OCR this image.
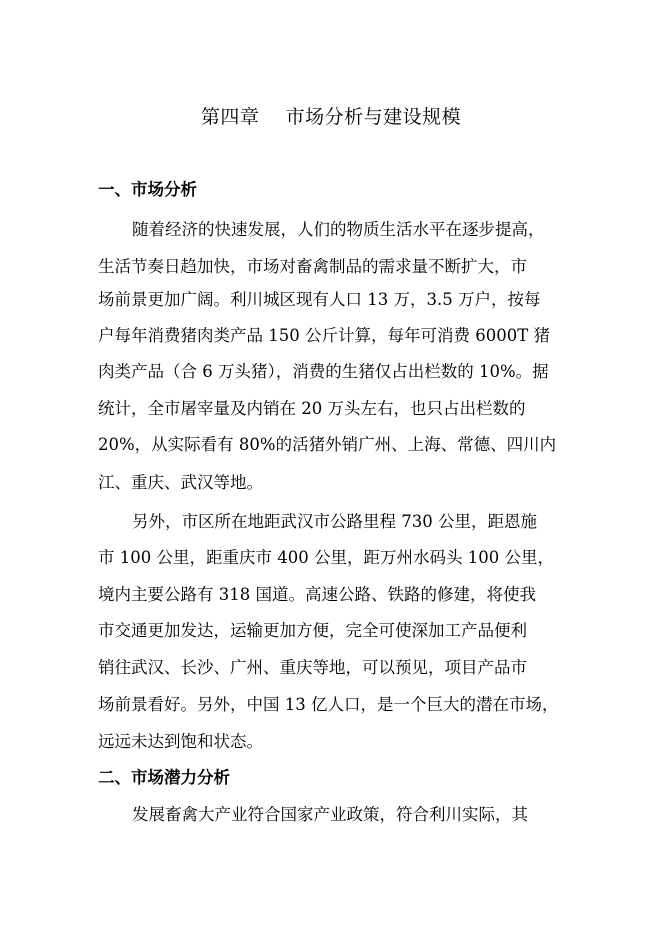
第四章    市场分析与建设规模
一、市场分析
随着经济的快速发展，人们的物质生活水平在逐步提高，
生活节奏日趋加快，市场对畜禽制品的需求量不断扩大，市
场前景更加广阔。利川城区现有人口 13 万，3.5 万户，按每
户每年消费猪肉类产品 150 公斤计算，每年可消费 6000T 猪
肉类产品（合 6 万头猪），消费的生猪仅占出栏数的 10%。据
统计，全市屠宰量及内销在 20 万头左右，也只占出栏数的
20%，从实际看有 80%的活猪外销广州、上海、常德、四川内
江、重庆、武汉等地。
另外，市区所在地距武汉市公路里程 730 公里，距恩施
市 100 公里，距重庆市 400 公里，距万州水码头 100 公里，
境内主要公路有 318 国道。高速公路、铁路的修建，将使我
市交通更加发达，运输更加方便，完全可使深加工产品便利
销往武汉、长沙、广州、重庆等地，可以预见，项目产品市
场前景看好。另外，中国 13 亿人口，是一个巨大的潜在市场，
远远未达到饱和状态。
二、市场潜力分析
发展畜禽大产业符合国家产业政策，符合利川实际，其
